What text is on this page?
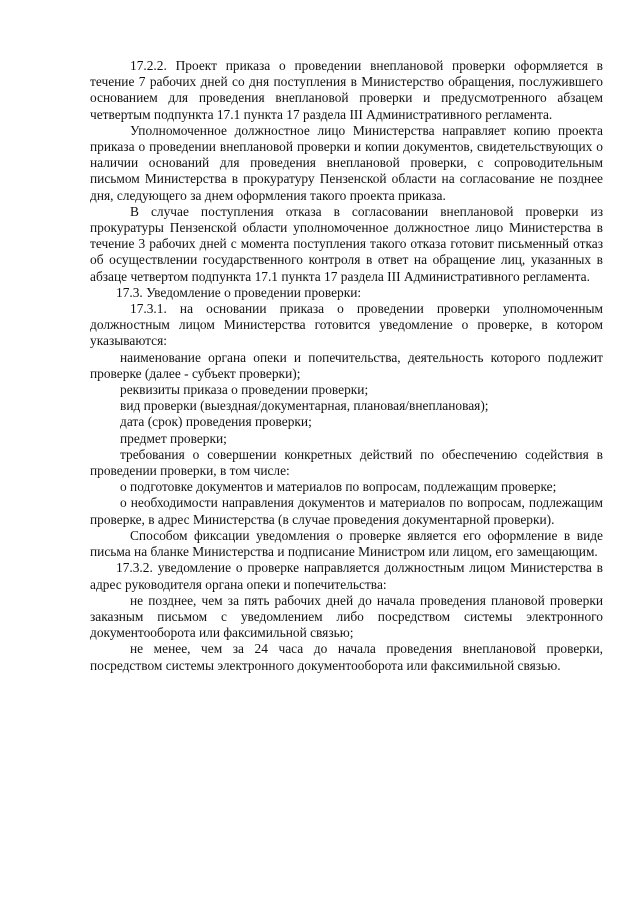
17.2.2. Проект приказа о проведении внеплановой проверки оформляется в течение 7 рабочих дней со дня поступления в Министерство обращения, послужившего основанием для проведения внеплановой проверки и предусмотренного абзацем четвертым подпункта 17.1 пункта 17 раздела III Административного регламента.

Уполномоченное должностное лицо Министерства направляет копию проекта приказа о проведении внеплановой проверки и копии документов, свидетельствующих о наличии оснований для проведения внеплановой проверки, с сопроводительным письмом Министерства в прокуратуру Пензенской области на согласование не позднее дня, следующего за днем оформления такого проекта приказа.

В случае поступления отказа в согласовании внеплановой проверки из прокуратуры Пензенской области уполномоченное должностное лицо Министерства в течение 3 рабочих дней с момента поступления такого отказа готовит письменный отказ об осуществлении государственного контроля в ответ на обращение лиц, указанных в абзаце четвертом подпункта 17.1 пункта 17 раздела III Административного регламента.

17.3. Уведомление о проведении проверки:

17.3.1. на основании приказа о проведении проверки уполномоченным должностным лицом Министерства готовится уведомление о проверке, в котором указываются:

наименование органа опеки и попечительства, деятельность которого подлежит проверке (далее - субъект проверки);

реквизиты приказа о проведении проверки;

вид проверки (выездная/документарная, плановая/внеплановая);

дата (срок) проведения проверки;

предмет проверки;

требования о совершении конкретных действий по обеспечению содействия в проведении проверки, в том числе:

о подготовке документов и материалов по вопросам, подлежащим проверке;

о необходимости направления документов и материалов по вопросам, подлежащим проверке, в адрес Министерства (в случае проведения документарной проверки).

Способом фиксации уведомления о проверке является его оформление в виде письма на бланке Министерства и подписание Министром или лицом, его замещающим.

17.3.2. уведомление о проверке направляется должностным лицом Министерства в адрес руководителя органа опеки и попечительства:

не позднее, чем за пять рабочих дней до начала проведения плановой проверки заказным письмом с уведомлением либо посредством системы электронного документооборота или факсимильной связью;

не менее, чем за 24 часа до начала проведения внеплановой проверки, посредством системы электронного документооборота или факсимильной связью.
